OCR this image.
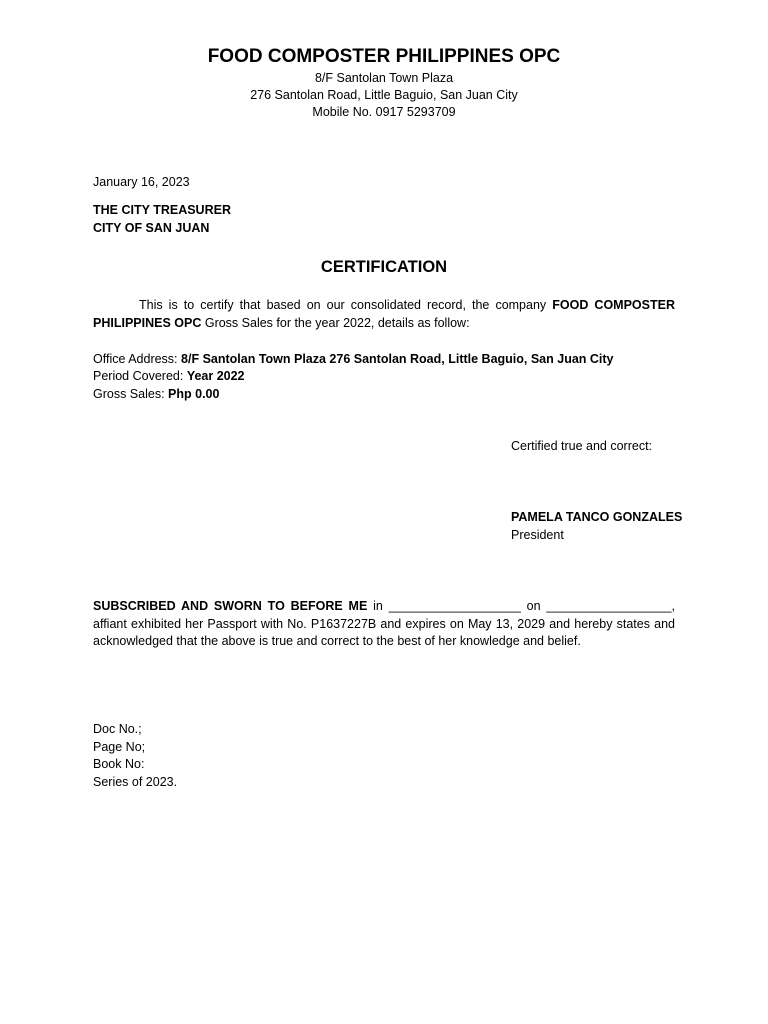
FOOD COMPOSTER PHILIPPINES OPC
8/F Santolan Town Plaza
276 Santolan Road, Little Baguio, San Juan City
Mobile No. 0917 5293709
January 16, 2023
THE CITY TREASURER
CITY OF SAN JUAN
CERTIFICATION
This is to certify that based on our consolidated record, the company FOOD COMPOSTER PHILIPPINES OPC Gross Sales for the year 2022, details as follow:
Office Address: 8/F Santolan Town Plaza 276 Santolan Road, Little Baguio, San Juan City
Period Covered: Year 2022
Gross Sales: Php 0.00
Certified true and correct:
PAMELA TANCO GONZALES
President
SUBSCRIBED AND SWORN TO BEFORE ME in ___________________ on __________________, affiant exhibited her Passport with No. P1637227B and expires on May 13, 2029 and hereby states and acknowledged that the above is true and correct to the best of her knowledge and belief.
Doc No.;
Page No;
Book No:
Series of 2023.
